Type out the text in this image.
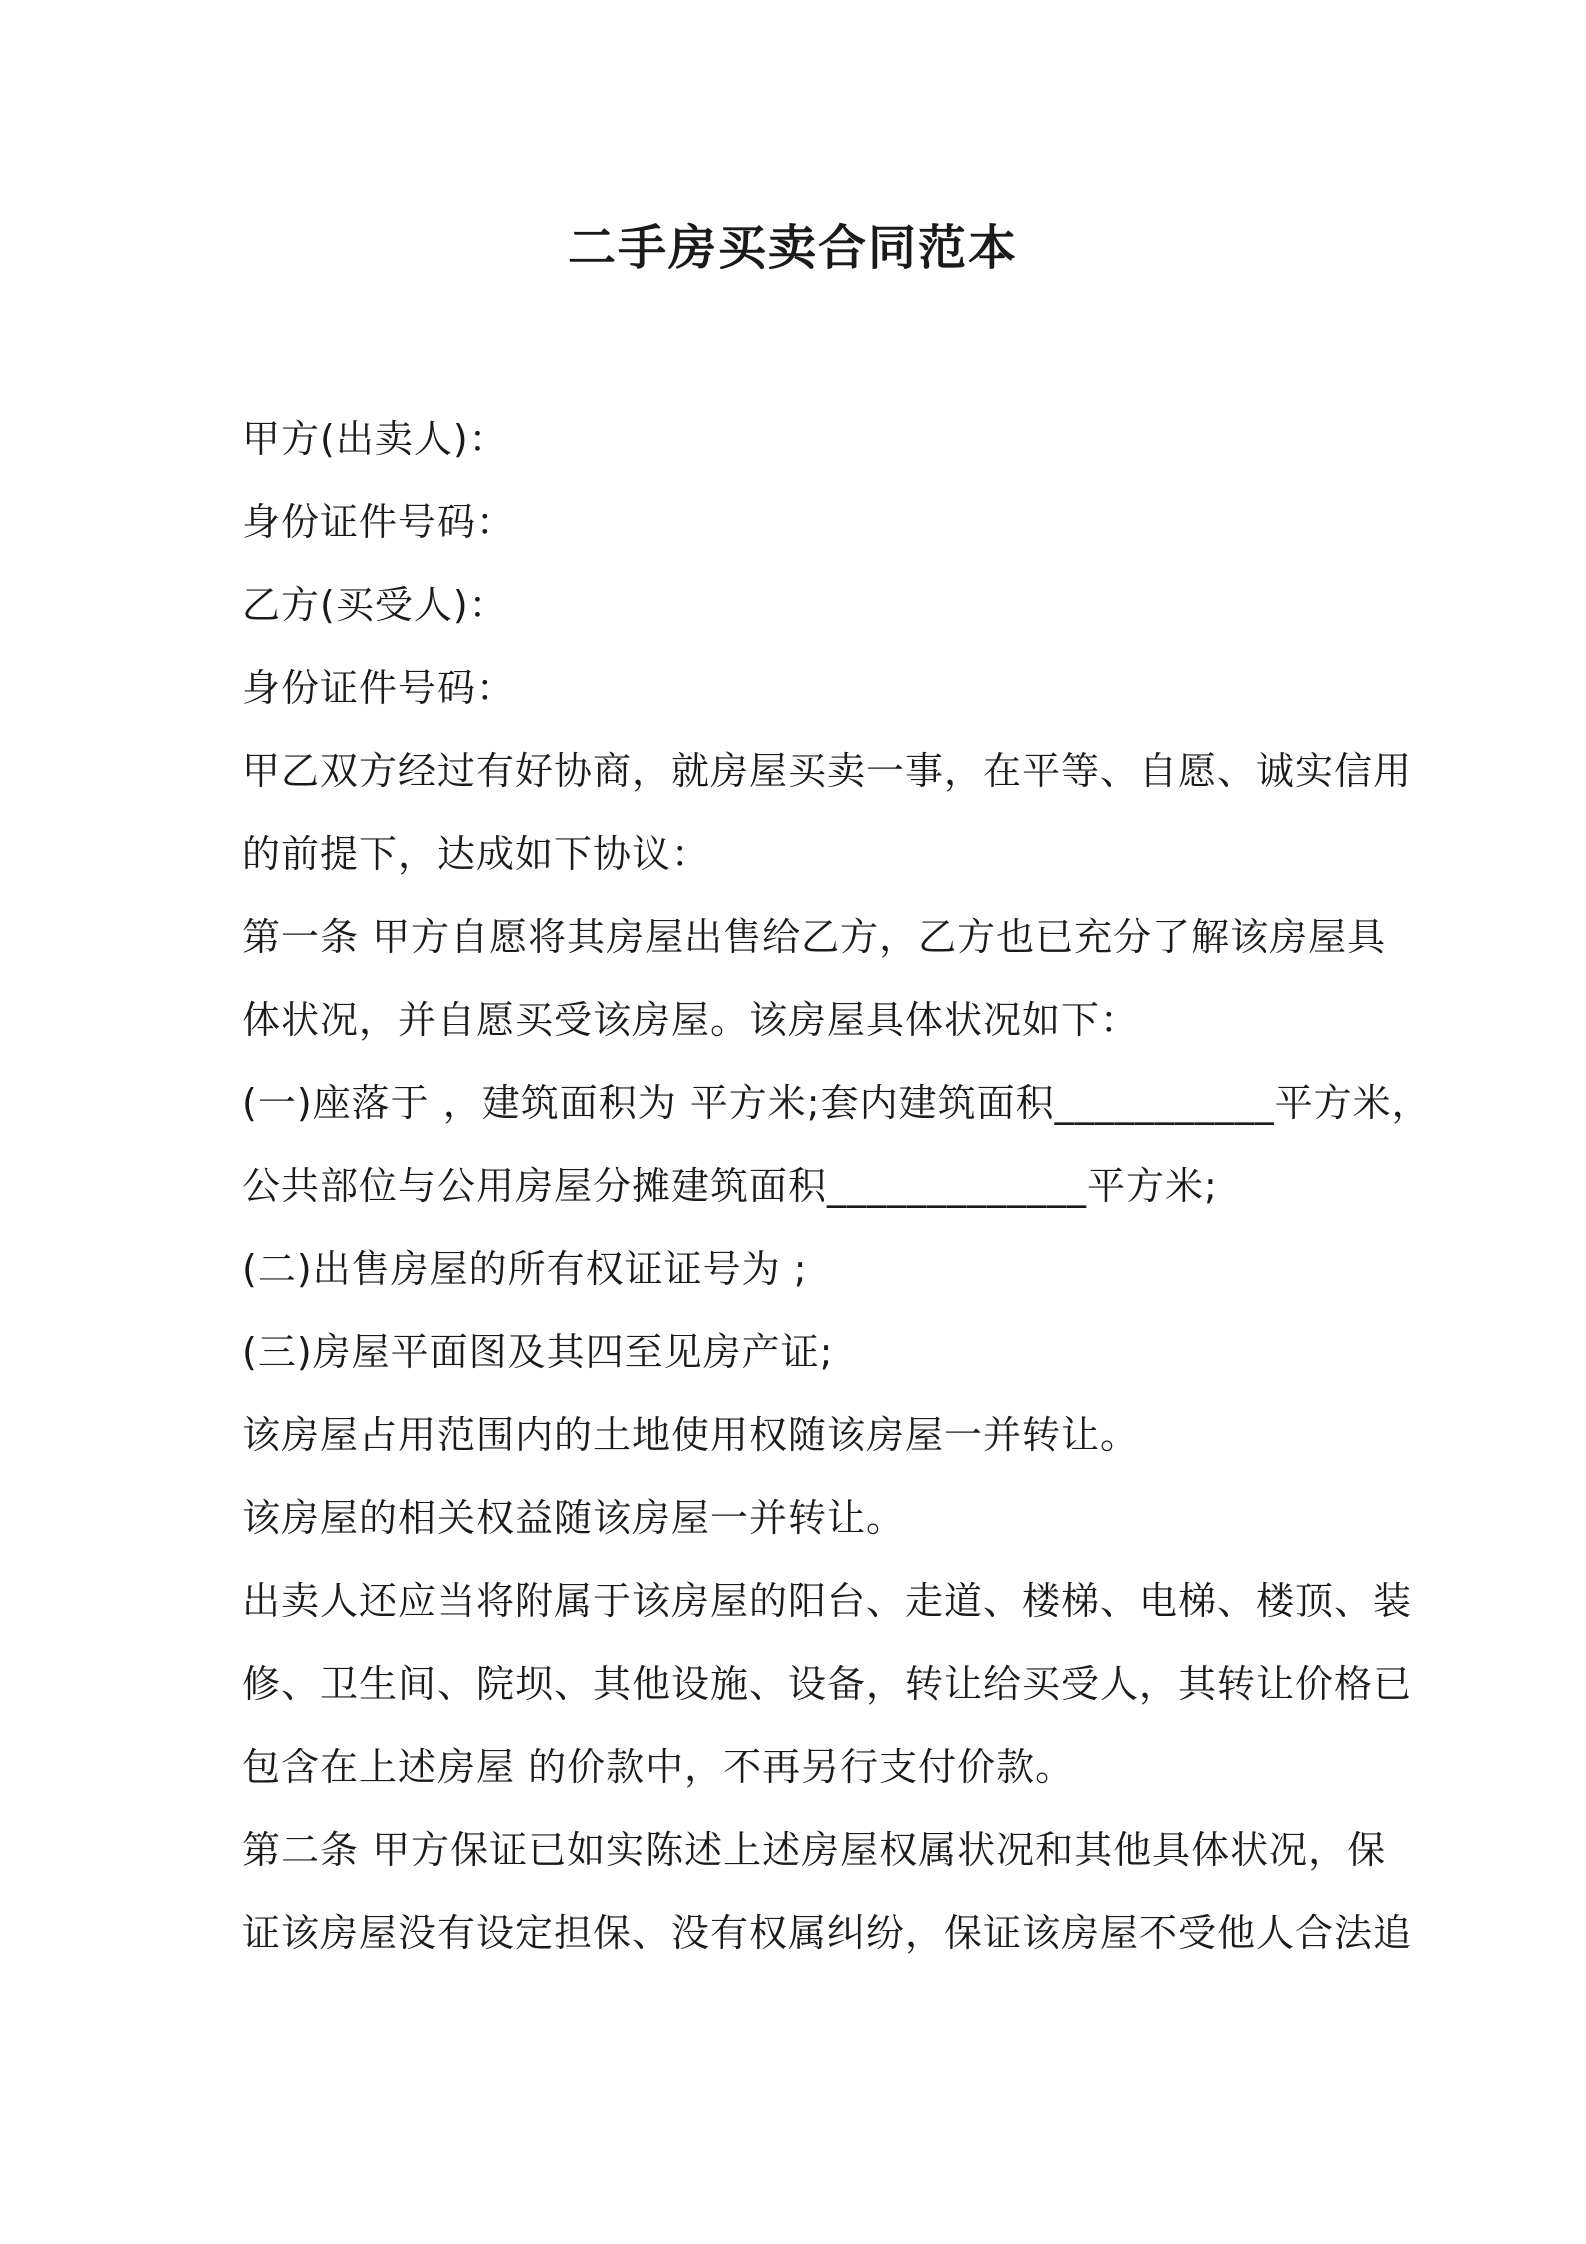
二手房买卖合同范本
甲方(出卖人)：
身份证件号码：
乙方(买受人)：
身份证件号码：
甲乙双方经过有好协商，就房屋买卖一事，在平等、自愿、诚实信用
的前提下，达成如下协议：
第一条 甲方自愿将其房屋出售给乙方，乙方也已充分了解该房屋具
体状况，并自愿买受该房屋。该房屋具体状况如下：
(一)座落于 ，建筑面积为 平方米;套内建筑面积___________平方米，
公共部位与公用房屋分摊建筑面积_____________平方米;
(二)出售房屋的所有权证证号为 ;
(三)房屋平面图及其四至见房产证;
该房屋占用范围内的土地使用权随该房屋一并转让。
该房屋的相关权益随该房屋一并转让。
出卖人还应当将附属于该房屋的阳台、走道、楼梯、电梯、楼顶、装
修、卫生间、院坝、其他设施、设备，转让给买受人，其转让价格已
包含在上述房屋 的价款中，不再另行支付价款。
第二条 甲方保证已如实陈述上述房屋权属状况和其他具体状况，保
证该房屋没有设定担保、没有权属纠纷，保证该房屋不受他人合法追
